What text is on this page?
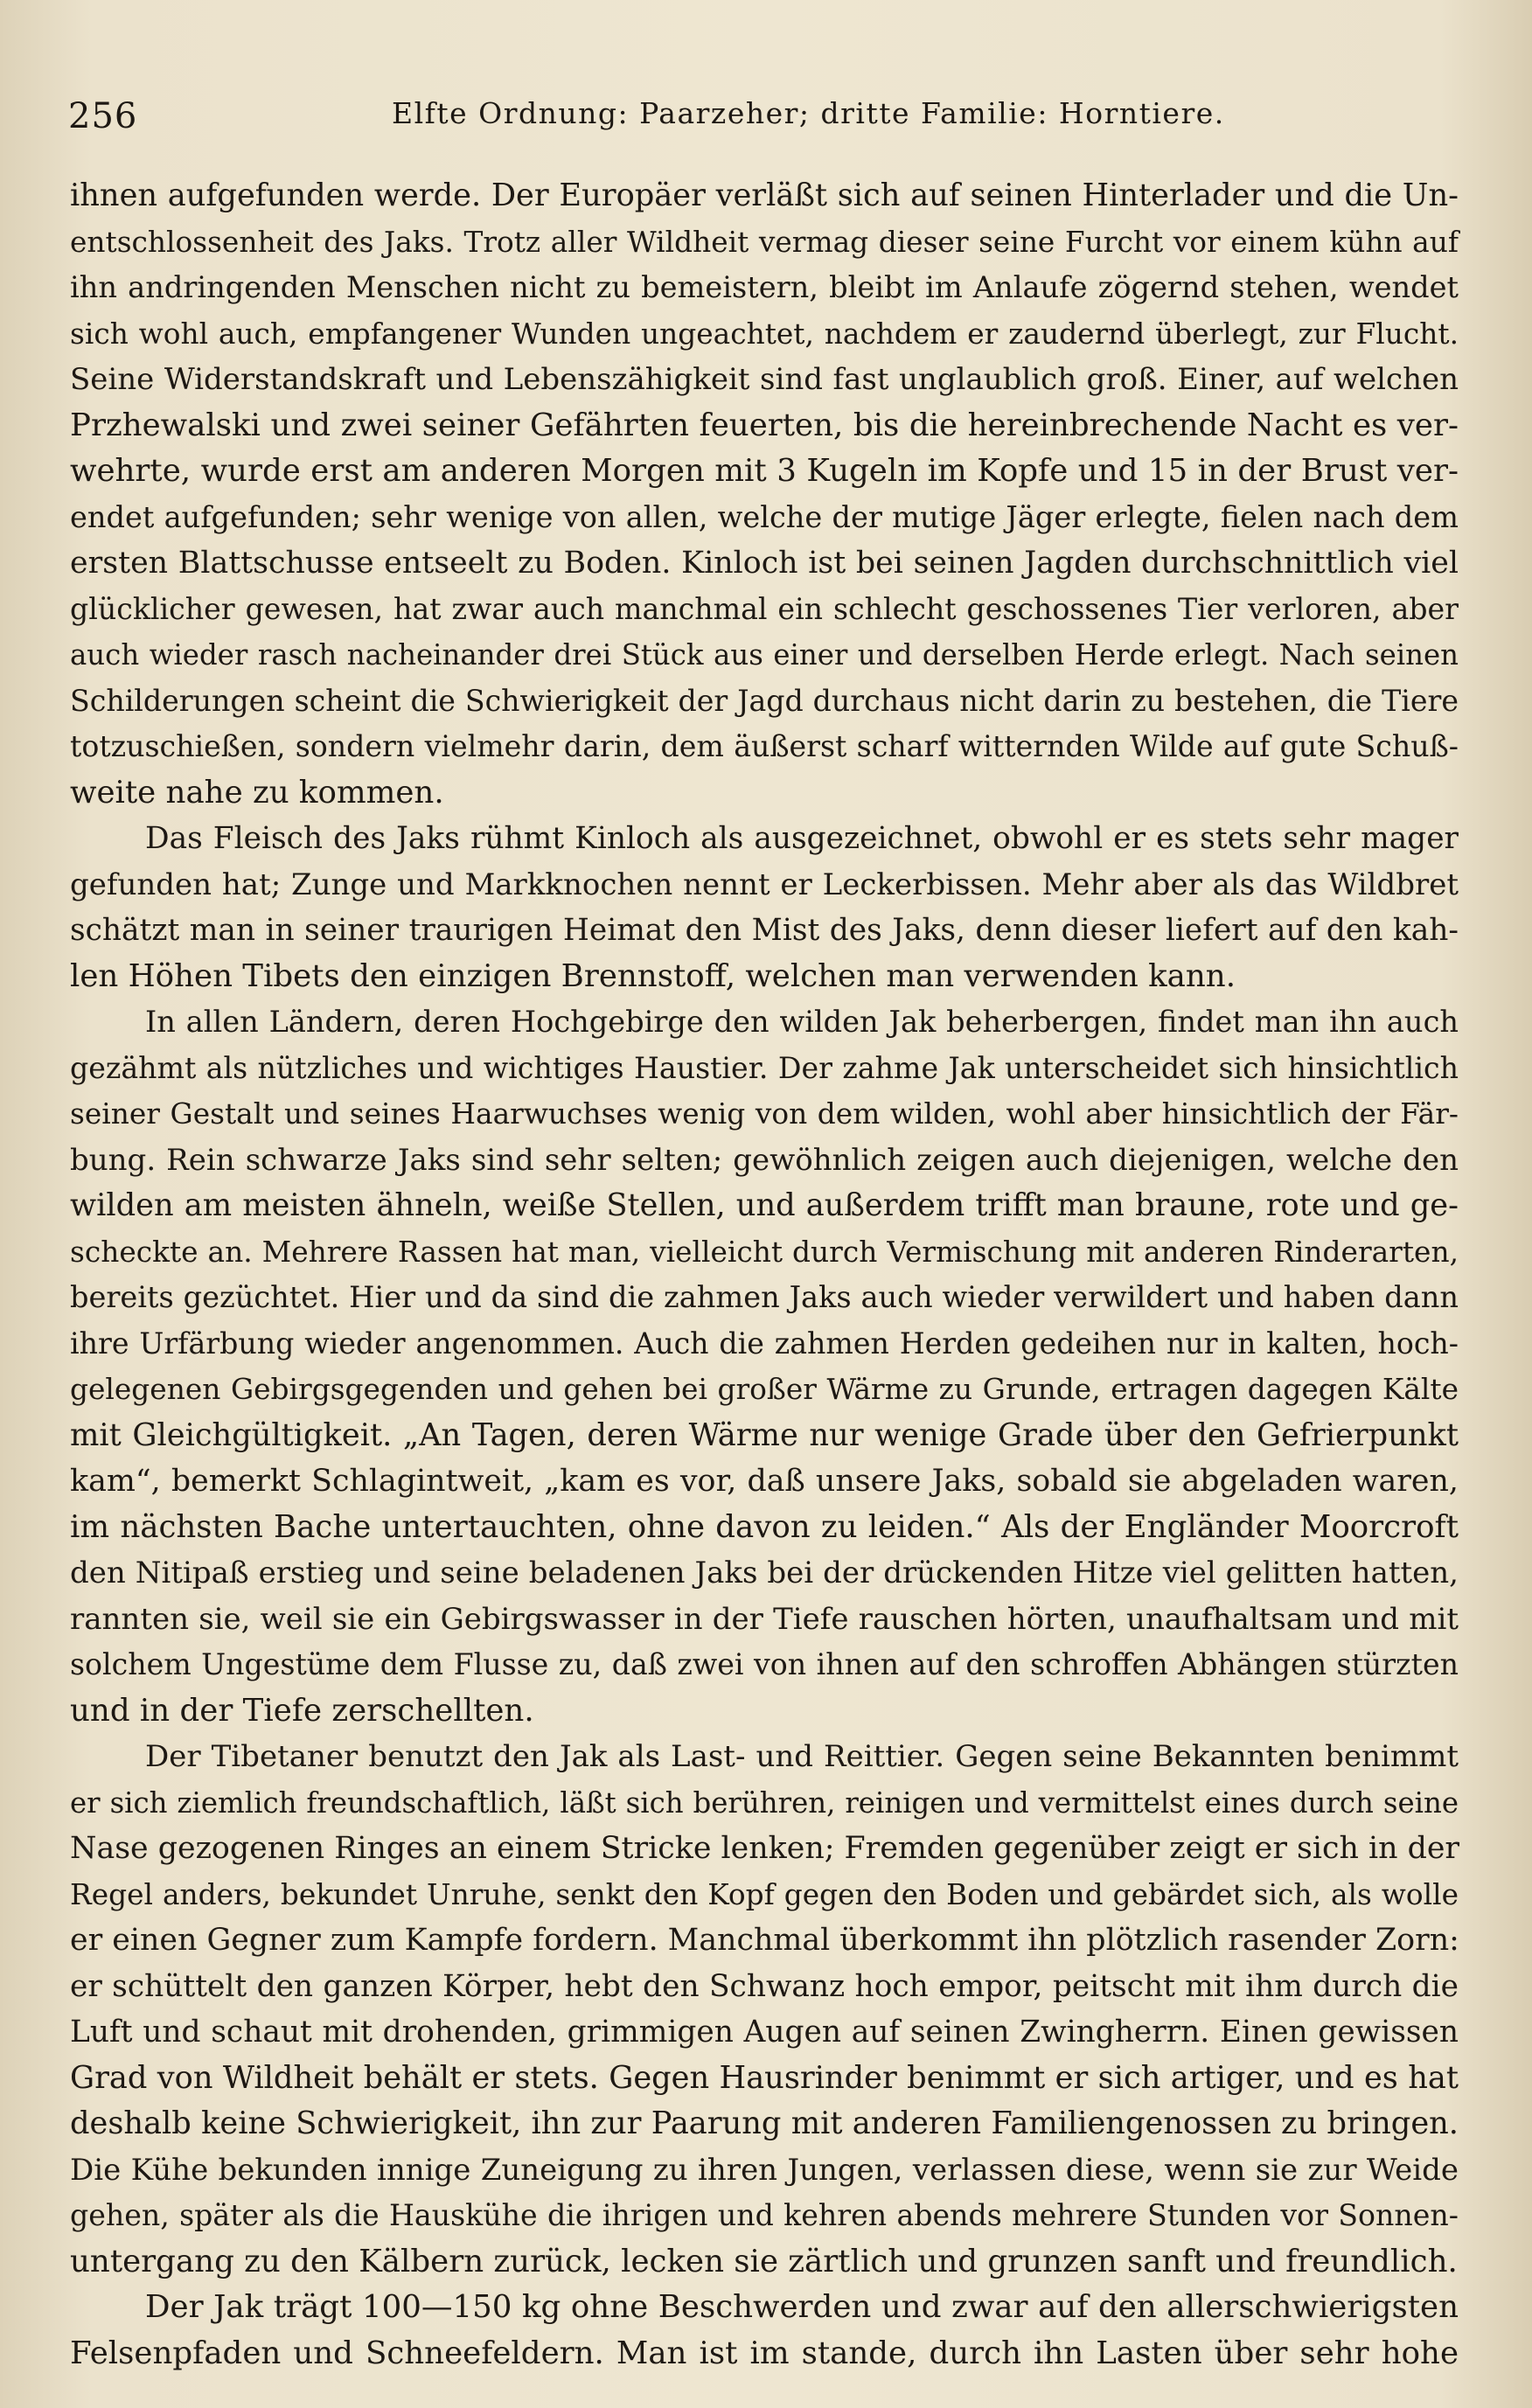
256	Elfte Ordnung: Paarzeher; dritte Familie: Horntiere.
ihnen aufgefunden werde. Der Europäer verläßt sich auf seinen Hinterlader und die Un-
entschlossenheit des Jaks. Trotz aller Wildheit vermag dieser seine Furcht vor einem kühn auf
ihn andringenden Menschen nicht zu bemeistern, bleibt im Anlaufe zögernd stehen, wendet
sich wohl auch, empfangener Wunden ungeachtet, nachdem er zaudernd überlegt, zur Flucht.
Seine Widerstandskraft und Lebenszähigkeit sind fast unglaublich groß. Einer, auf welchen
Przhewalski und zwei seiner Gefährten feuerten, bis die hereinbrechende Nacht es ver-
wehrte, wurde erst am anderen Morgen mit 3 Kugeln im Kopfe und 15 in der Brust ver-
endet aufgefunden; sehr wenige von allen, welche der mutige Jäger erlegte, fielen nach dem
ersten Blattschusse entseelt zu Boden. Kinloch ist bei seinen Jagden durchschnittlich viel
glücklicher gewesen, hat zwar auch manchmal ein schlecht geschossenes Tier verloren, aber
auch wieder rasch nacheinander drei Stück aus einer und derselben Herde erlegt. Nach seinen
Schilderungen scheint die Schwierigkeit der Jagd durchaus nicht darin zu bestehen, die Tiere
totzuschießen, sondern vielmehr darin, dem äußerst scharf witternden Wilde auf gute Schuß-
weite nahe zu kommen.
Das Fleisch des Jaks rühmt Kinloch als ausgezeichnet, obwohl er es stets sehr mager
gefunden hat; Zunge und Markknochen nennt er Leckerbissen. Mehr aber als das Wildbret
schätzt man in seiner traurigen Heimat den Mist des Jaks, denn dieser liefert auf den kah-
len Höhen Tibets den einzigen Brennstoff, welchen man verwenden kann.
In allen Ländern, deren Hochgebirge den wilden Jak beherbergen, findet man ihn auch
gezähmt als nützliches und wichtiges Haustier. Der zahme Jak unterscheidet sich hinsichtlich
seiner Gestalt und seines Haarwuchses wenig von dem wilden, wohl aber hinsichtlich der Fär-
bung. Rein schwarze Jaks sind sehr selten; gewöhnlich zeigen auch diejenigen, welche den
wilden am meisten ähneln, weiße Stellen, und außerdem trifft man braune, rote und ge-
scheckte an. Mehrere Rassen hat man, vielleicht durch Vermischung mit anderen Rinderarten,
bereits gezüchtet. Hier und da sind die zahmen Jaks auch wieder verwildert und haben dann
ihre Urfärbung wieder angenommen. Auch die zahmen Herden gedeihen nur in kalten, hoch-
gelegenen Gebirgsgegenden und gehen bei großer Wärme zu Grunde, ertragen dagegen Kälte
mit Gleichgültigkeit. „An Tagen, deren Wärme nur wenige Grade über den Gefrierpunkt
kam“, bemerkt Schlagintweit, „kam es vor, daß unsere Jaks, sobald sie abgeladen waren,
im nächsten Bache untertauchten, ohne davon zu leiden.“ Als der Engländer Moorcroft
den Nitipaß erstieg und seine beladenen Jaks bei der drückenden Hitze viel gelitten hatten,
rannten sie, weil sie ein Gebirgswasser in der Tiefe rauschen hörten, unaufhaltsam und mit
solchem Ungestüme dem Flusse zu, daß zwei von ihnen auf den schroffen Abhängen stürzten
und in der Tiefe zerschellten.
Der Tibetaner benutzt den Jak als Last- und Reittier. Gegen seine Bekannten benimmt
er sich ziemlich freundschaftlich, läßt sich berühren, reinigen und vermittelst eines durch seine
Nase gezogenen Ringes an einem Stricke lenken; Fremden gegenüber zeigt er sich in der
Regel anders, bekundet Unruhe, senkt den Kopf gegen den Boden und gebärdet sich, als wolle
er einen Gegner zum Kampfe fordern. Manchmal überkommt ihn plötzlich rasender Zorn:
er schüttelt den ganzen Körper, hebt den Schwanz hoch empor, peitscht mit ihm durch die
Luft und schaut mit drohenden, grimmigen Augen auf seinen Zwingherrn. Einen gewissen
Grad von Wildheit behält er stets. Gegen Hausrinder benimmt er sich artiger, und es hat
deshalb keine Schwierigkeit, ihn zur Paarung mit anderen Familiengenossen zu bringen.
Die Kühe bekunden innige Zuneigung zu ihren Jungen, verlassen diese, wenn sie zur Weide
gehen, später als die Hauskühe die ihrigen und kehren abends mehrere Stunden vor Sonnen-
untergang zu den Kälbern zurück, lecken sie zärtlich und grunzen sanft und freundlich.
Der Jak trägt 100—150 kg ohne Beschwerden und zwar auf den allerschwierigsten
Felsenpfaden und Schneefeldern. Man ist im stande, durch ihn Lasten über sehr hohe
